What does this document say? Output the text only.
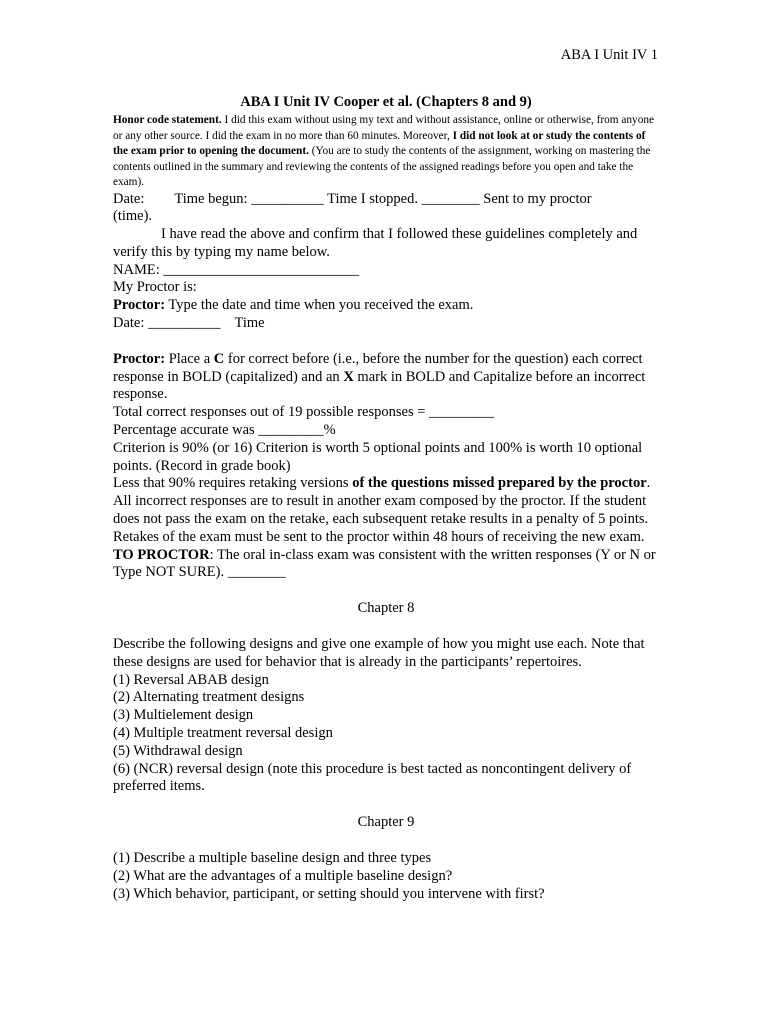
ABA I Unit IV 1
ABA I Unit IV Cooper et al. (Chapters 8 and 9)

Honor code statement. I did this exam without using my text and without assistance, online or otherwise, from anyone or any other source. I did the exam in no more than 60 minutes. Moreover, I did not look at or study the contents of the exam prior to opening the document. (You are to study the contents of the assignment, working on mastering the contents outlined in the summary and reviewing the contents of the assigned readings before you open and take the exam).

Date: Time begun: __________ Time I stopped. ________ Sent to my proctor
(time).

I have read the above and confirm that I followed these guidelines completely and verify this by typing my name below.

NAME: ___________________________

My Proctor is:

Proctor: Type the date and time when you received the exam.

Date: __________ Time

Proctor: Place a C for correct before (i.e., before the number for the question) each correct response in BOLD (capitalized) and an X mark in BOLD and Capitalize before an incorrect response.

Total correct responses out of 19 possible responses = _________

Percentage accurate was _________%

Criterion is 90% (or 16) Criterion is worth 5 optional points and 100% is worth 10 optional points. (Record in grade book)

Less that 90% requires retaking versions of the questions missed prepared by the proctor. All incorrect responses are to result in another exam composed by the proctor. If the student does not pass the exam on the retake, each subsequent retake results in a penalty of 5 points. Retakes of the exam must be sent to the proctor within 48 hours of receiving the new exam.

TO PROCTOR: The oral in-class exam was consistent with the written responses (Y or N or Type NOT SURE). ________

Chapter 8

Describe the following designs and give one example of how you might use each. Note that these designs are used for behavior that is already in the participants’ repertoires.

(1) Reversal ABAB design

(2) Alternating treatment designs

(3) Multielement design

(4) Multiple treatment reversal design

(5) Withdrawal design

(6) (NCR) reversal design (note this procedure is best tacted as noncontingent delivery of preferred items.

Chapter 9

(1) Describe a multiple baseline design and three types

(2) What are the advantages of a multiple baseline design?

(3) Which behavior, participant, or setting should you intervene with first?
